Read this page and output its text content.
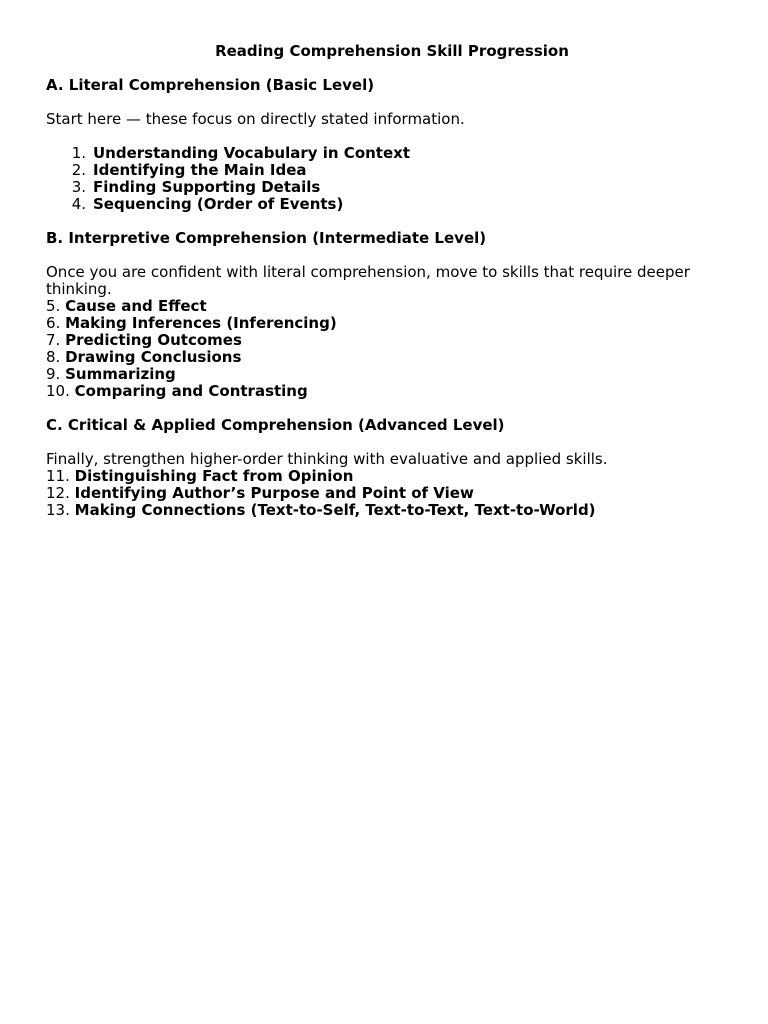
Reading Comprehension Skill Progression

A. Literal Comprehension (Basic Level)

Start here — these focus on directly stated information.

1. Understanding Vocabulary in Context
2. Identifying the Main Idea
3. Finding Supporting Details
4. Sequencing (Order of Events)

B. Interpretive Comprehension (Intermediate Level)

Once you are confident with literal comprehension, move to skills that require deeper thinking.

5. Cause and Effect
6. Making Inferences (Inferencing)
7. Predicting Outcomes
8. Drawing Conclusions
9. Summarizing
10. Comparing and Contrasting

C. Critical & Applied Comprehension (Advanced Level)

Finally, strengthen higher-order thinking with evaluative and applied skills.

11. Distinguishing Fact from Opinion
12. Identifying Author’s Purpose and Point of View
13. Making Connections (Text-to-Self, Text-to-Text, Text-to-World)
